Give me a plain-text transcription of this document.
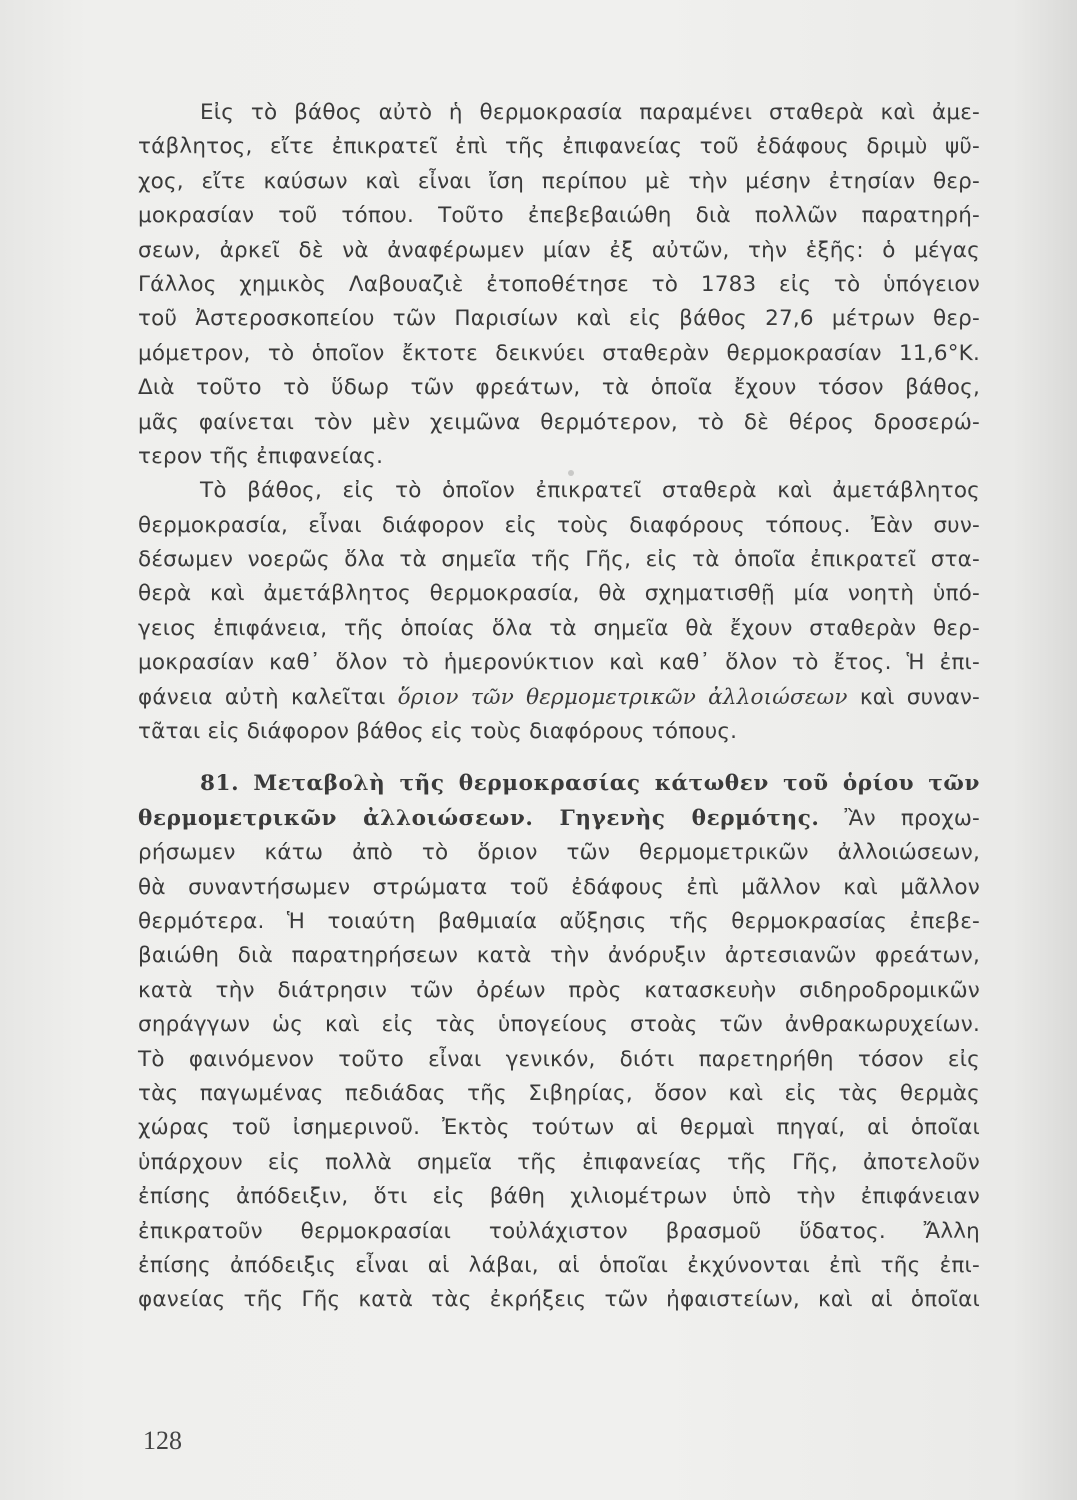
Εἰς τὸ βάθος αὐτὸ ἡ θερμοκρασία παραμένει σταθερὰ καὶ ἀμε-
τάβλητος, εἴτε ἐπικρατεῖ ἐπὶ τῆς ἐπιφανείας τοῦ ἐδάφους δριμὺ ψῦ-
χος, εἴτε καύσων καὶ εἶναι ἴση περίπου μὲ τὴν μέσην ἐτησίαν θερ-
μοκρασίαν τοῦ τόπου. Τοῦτο ἐπεβεβαιώθη διὰ πολλῶν παρατηρή-
σεων, ἀρκεῖ δὲ νὰ ἀναφέρωμεν μίαν ἐξ αὐτῶν, τὴν ἑξῆς: ὁ μέγας
Γάλλος χημικὸς Λαβουαζιὲ ἐτοποθέτησε τὸ 1783 εἰς τὸ ὑπόγειον
τοῦ Ἀστεροσκοπείου τῶν Παρισίων καὶ εἰς βάθος 27,6 μέτρων θερ-
μόμετρον, τὸ ὁποῖον ἔκτοτε δεικνύει σταθερὰν θερμοκρασίαν 11,6°Κ.
Διὰ τοῦτο τὸ ὕδωρ τῶν φρεάτων, τὰ ὁποῖα ἔχουν τόσον βάθος,
μᾶς φαίνεται τὸν μὲν χειμῶνα θερμότερον, τὸ δὲ θέρος δροσερώ-
τερον τῆς ἐπιφανείας.
Τὸ βάθος, εἰς τὸ ὁποῖον ἐπικρατεῖ σταθερὰ καὶ ἀμετάβλητος
θερμοκρασία, εἶναι διάφορον εἰς τοὺς διαφόρους τόπους. Ἐὰν συν-
δέσωμεν νοερῶς ὅλα τὰ σημεῖα τῆς Γῆς, εἰς τὰ ὁποῖα ἐπικρατεῖ στα-
θερὰ καὶ ἀμετάβλητος θερμοκρασία, θὰ σχηματισθῇ μία νοητὴ ὑπό-
γειος ἐπιφάνεια, τῆς ὁποίας ὅλα τὰ σημεῖα θὰ ἔχουν σταθερὰν θερ-
μοκρασίαν καθ᾿ ὅλον τὸ ἡμερονύκτιον καὶ καθ᾿ ὅλον τὸ ἔτος. Ἡ ἐπι-
φάνεια αὐτὴ καλεῖται ὅριον τῶν θερμομετρικῶν ἀλλοιώσεων καὶ συναν-
τᾶται εἰς διάφορον βάθος εἰς τοὺς διαφόρους τόπους.
81. Μεταβολὴ τῆς θερμοκρασίας κάτωθεν τοῦ ὁρίου τῶν
θερμομετρικῶν ἀλλοιώσεων. Γηγενὴς θερμότης. Ἂν προχω-
ρήσωμεν κάτω ἀπὸ τὸ ὅριον τῶν θερμομετρικῶν ἀλλοιώσεων,
θὰ συναντήσωμεν στρώματα τοῦ ἐδάφους ἐπὶ μᾶλλον καὶ μᾶλλον
θερμότερα. Ἡ τοιαύτη βαθμιαία αὔξησις τῆς θερμοκρασίας ἐπεβε-
βαιώθη διὰ παρατηρήσεων κατὰ τὴν ἀνόρυξιν ἀρτεσιανῶν φρεάτων,
κατὰ τὴν διάτρησιν τῶν ὀρέων πρὸς κατασκευὴν σιδηροδρομικῶν
σηράγγων ὡς καὶ εἰς τὰς ὑπογείους στοὰς τῶν ἀνθρακωρυχείων.
Τὸ φαινόμενον τοῦτο εἶναι γενικόν, διότι παρετηρήθη τόσον εἰς
τὰς παγωμένας πεδιάδας τῆς Σιβηρίας, ὅσον καὶ εἰς τὰς θερμὰς
χώρας τοῦ ἰσημερινοῦ. Ἐκτὸς τούτων αἱ θερμαὶ πηγαί, αἱ ὁποῖαι
ὑπάρχουν εἰς πολλὰ σημεῖα τῆς ἐπιφανείας τῆς Γῆς, ἀποτελοῦν
ἐπίσης ἀπόδειξιν, ὅτι εἰς βάθη χιλιομέτρων ὑπὸ τὴν ἐπιφάνειαν
ἐπικρατοῦν θερμοκρασίαι τοὐλάχιστον βρασμοῦ ὕδατος. Ἄλλη
ἐπίσης ἀπόδειξις εἶναι αἱ λάβαι, αἱ ὁποῖαι ἐκχύνονται ἐπὶ τῆς ἐπι-
φανείας τῆς Γῆς κατὰ τὰς ἐκρήξεις τῶν ἠφαιστείων, καὶ αἱ ὁποῖαι
128
